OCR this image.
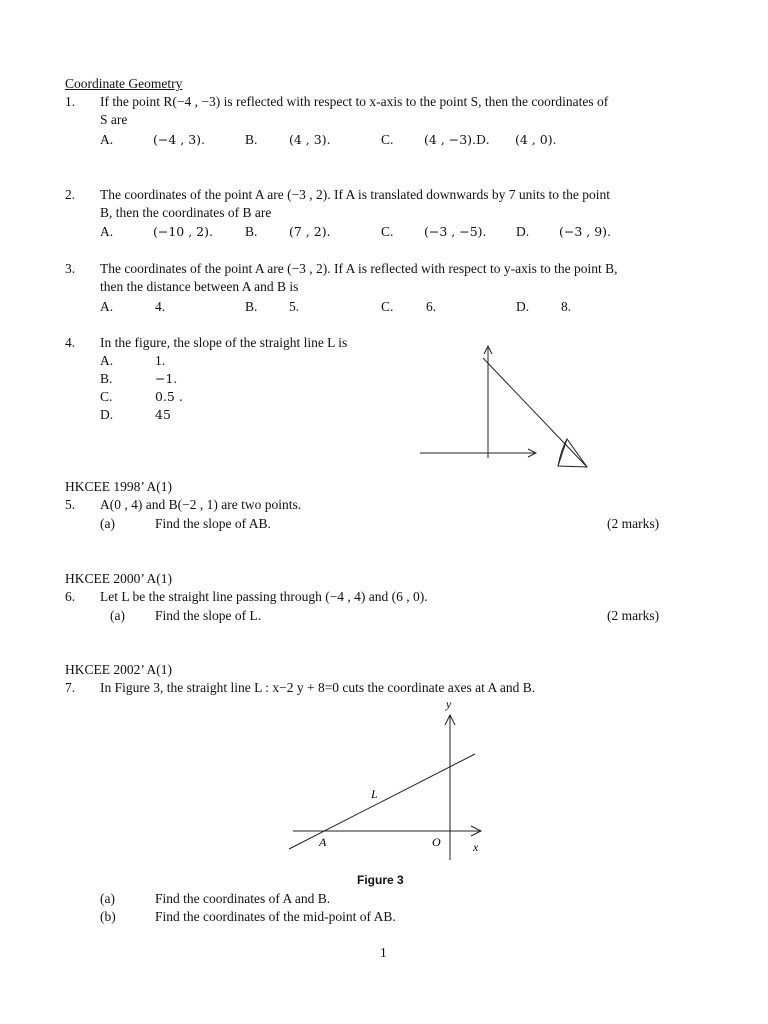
Coordinate Geometry
1. If the point R(−4 , −3) is reflected with respect to x-axis to the point S, then the coordinates of
S are
A.	(−4 , 3).	B.	(4 , 3).	C. (4 , −3).D. (4 , 0).
2. The coordinates of the point A are (−3 , 2). If A is translated downwards by 7 units to the point
B, then the coordinates of B are
A.	(−10 , 2). B.	(7 , 2).	C. (−3 , −5). D. (−3 , 9).
3. The coordinates of the point A are (−3 , 2). If A is reflected with respect to y-axis to the point B,
then the distance between A and B is
A.	4.	B. 5.	C. 6.	D. 8.
4. In the figure, the slope of the straight line L is
A.	1.
B.	−1.
C.	0.5 .
D.	45
HKCEE 1998’ A(1)
5. A(0 , 4) and B(−2 , 1) are two points.
(a)	Find the slope of AB.	(2 marks)
HKCEE 2000’ A(1)
6. Let L be the straight line passing through (−4 , 4) and (6 , 0).
(a) Find the slope of L.	(2 marks)
HKCEE 2002’ A(1)
7. In Figure 3, the straight line L : x−2 y + 8=0 cuts the coordinate axes at A and B.
y
x
L
A	O
Figure 3
(a)	Find the coordinates of A and B.
(b)	Find the coordinates of the mid-point of AB.
1
